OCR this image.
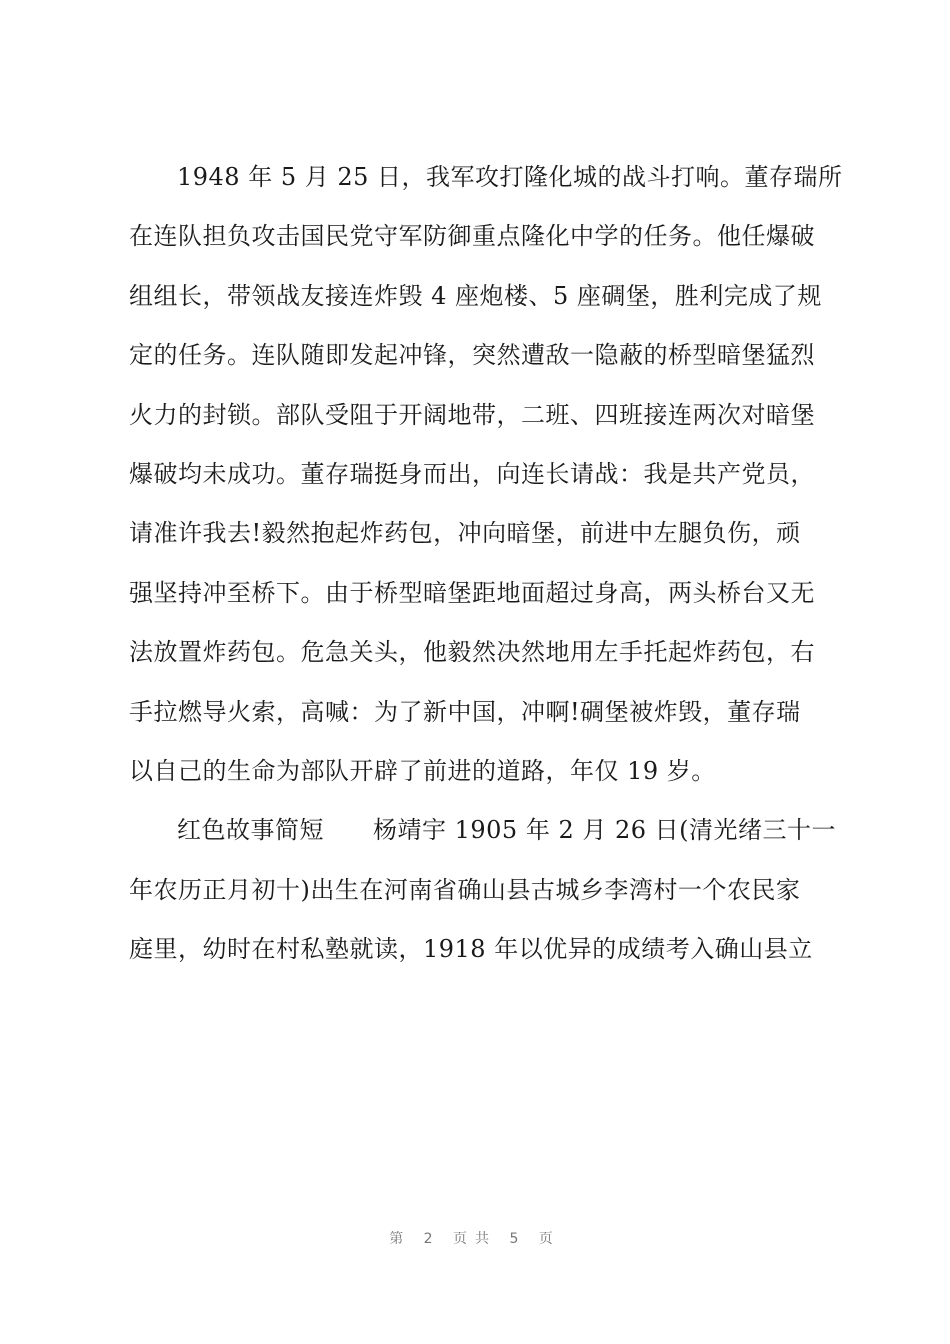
1948 年 5 月 25 日，我军攻打隆化城的战斗打响。董存瑞所
在连队担负攻击国民党守军防御重点隆化中学的任务。他任爆破
组组长，带领战友接连炸毁 4 座炮楼、5 座碉堡，胜利完成了规
定的任务。连队随即发起冲锋，突然遭敌一隐蔽的桥型暗堡猛烈
火力的封锁。部队受阻于开阔地带，二班、四班接连两次对暗堡
爆破均未成功。董存瑞挺身而出，向连长请战：我是共产党员，
请准许我去!毅然抱起炸药包，冲向暗堡，前进中左腿负伤，顽
强坚持冲至桥下。由于桥型暗堡距地面超过身高，两头桥台又无
法放置炸药包。危急关头，他毅然决然地用左手托起炸药包，右
手拉燃导火索，高喊：为了新中国，冲啊!碉堡被炸毁，董存瑞
以自己的生命为部队开辟了前进的道路，年仅 19 岁。
红色故事简短　　杨靖宇 1905 年 2 月 26 日(清光绪三十一
年农历正月初十)出生在河南省确山县古城乡李湾村一个农民家
庭里，幼时在村私塾就读，1918 年以优异的成绩考入确山县立
第 2 页共 5 页
